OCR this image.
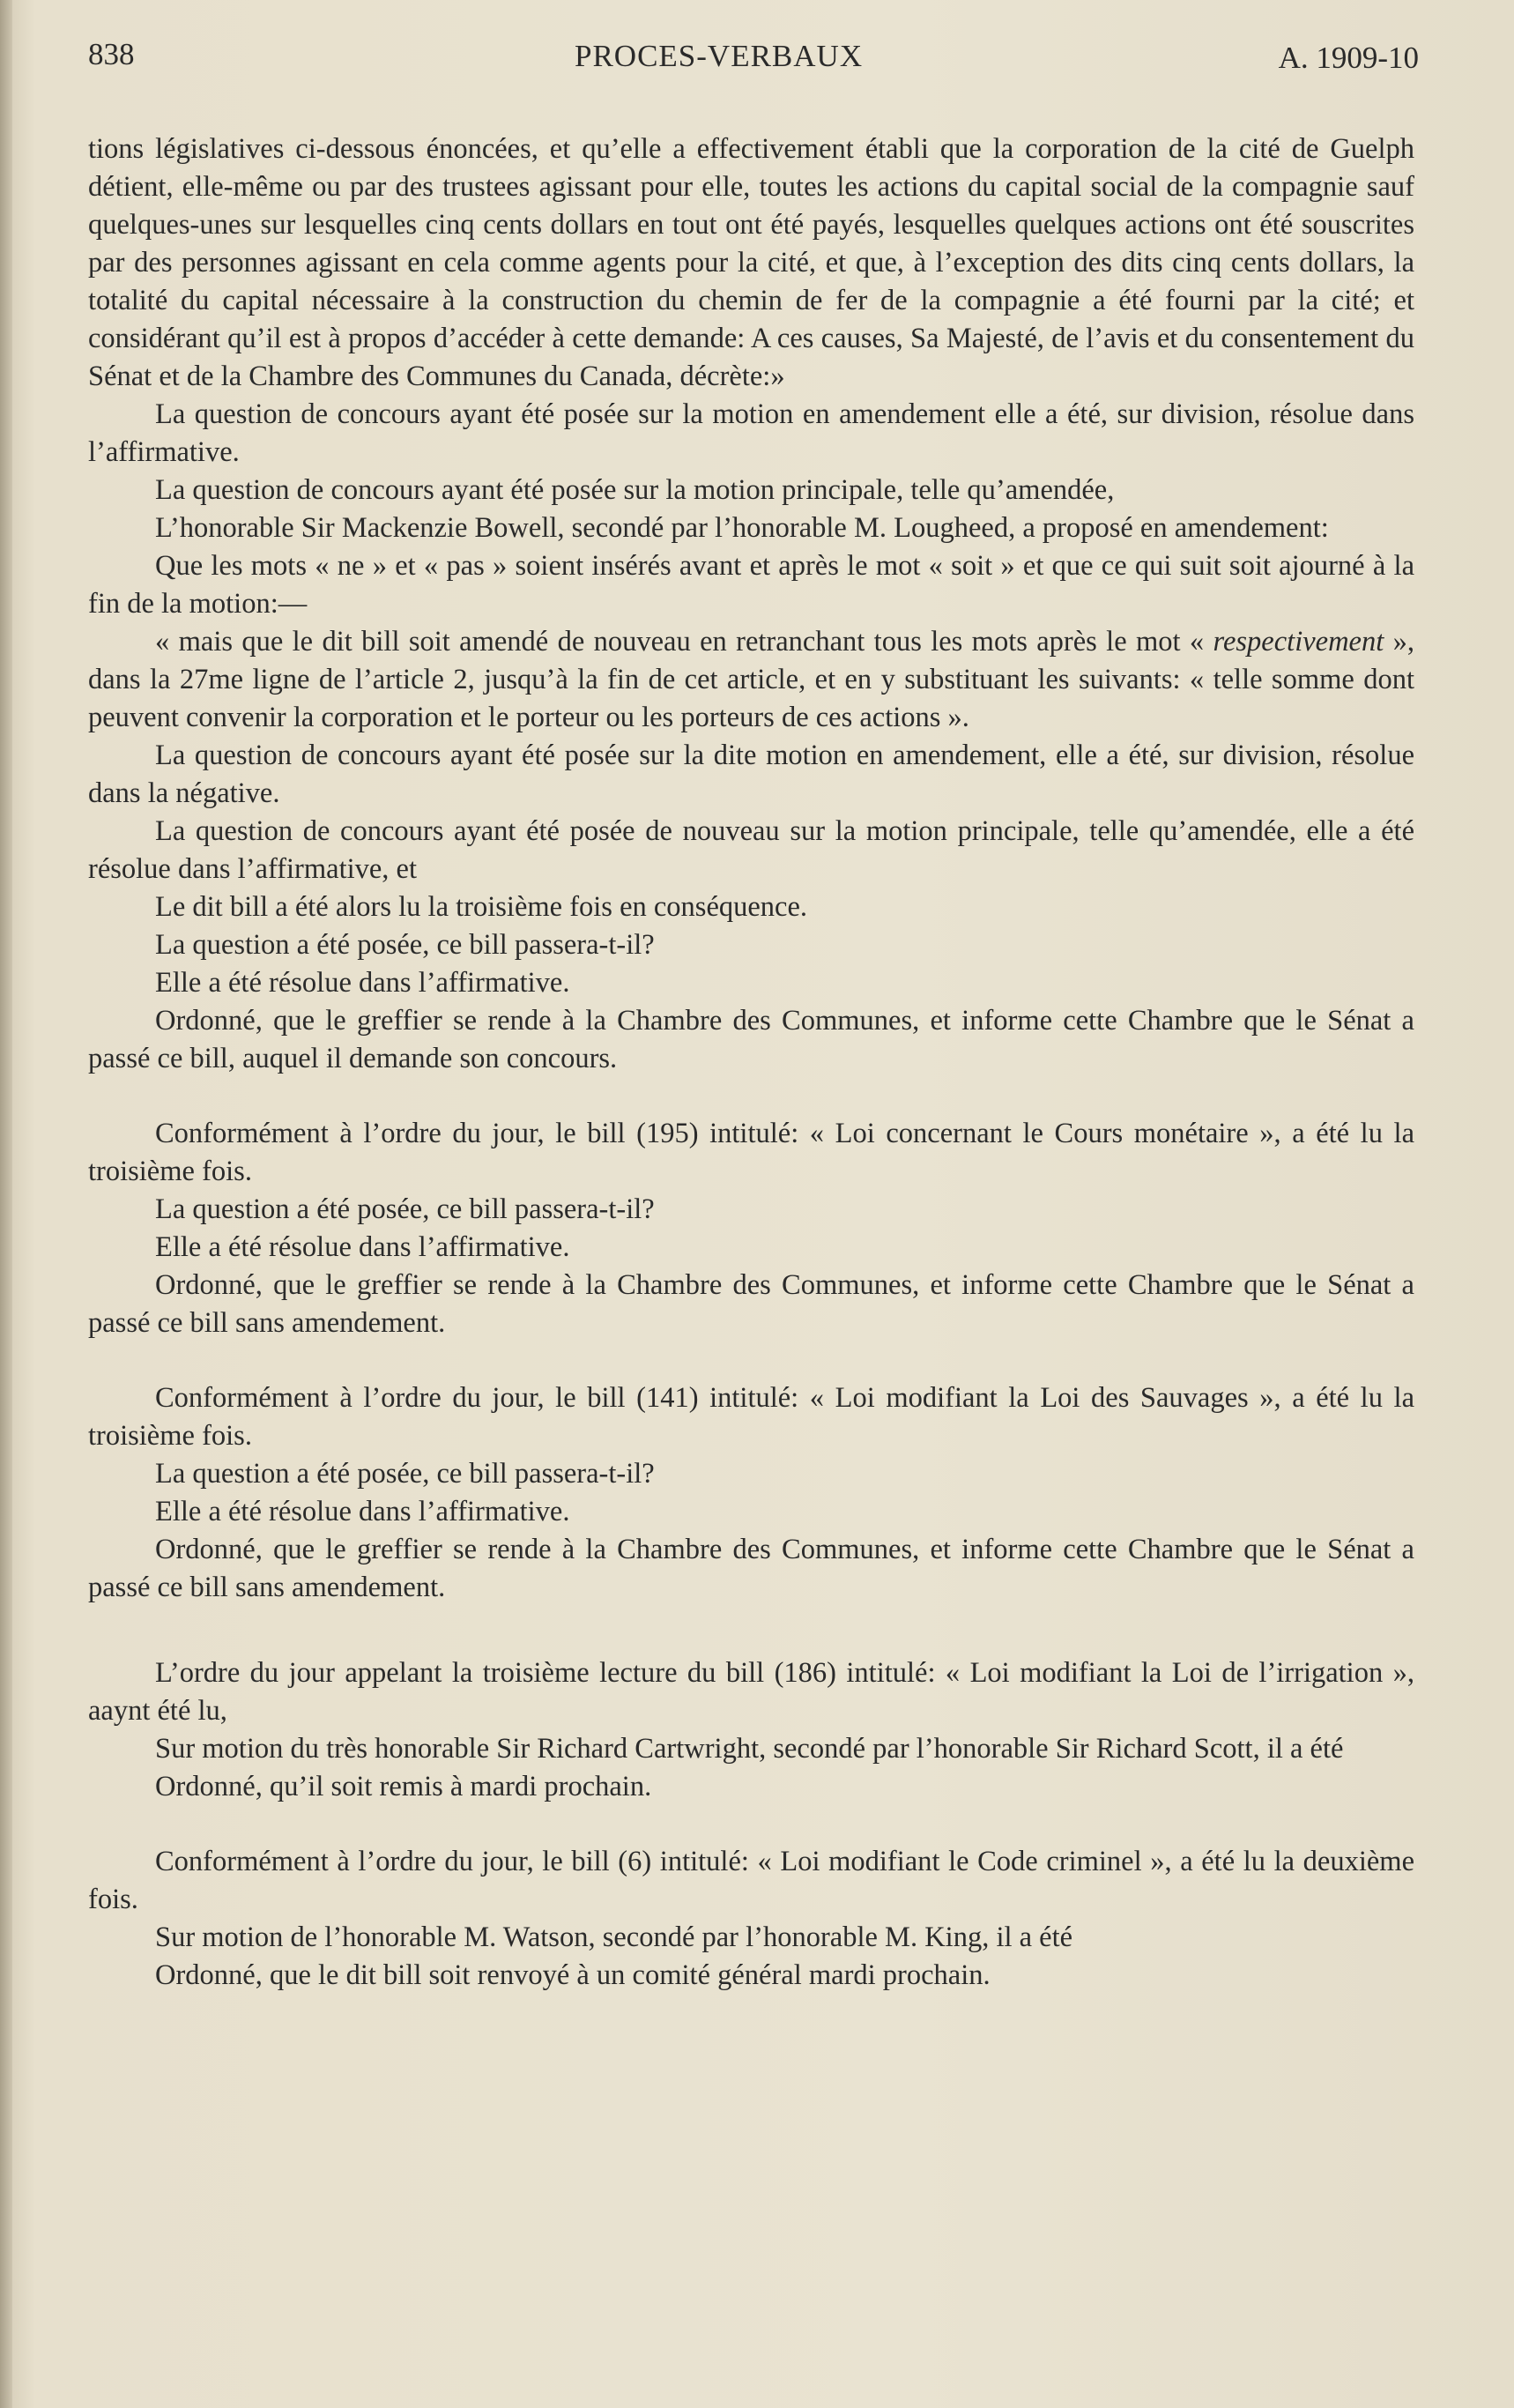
838	PROCES-VERBAUX	A. 1909-10

tions législatives ci-dessous énoncées, et qu’elle a effectivement établi que la corporation de la cité de Guelph détient, elle-même ou par des trustees agissant pour elle, toutes les actions du capital social de la compagnie sauf quelques-unes sur lesquelles cinq cents dollars en tout ont été payés, lesquelles quelques actions ont été souscrites par des personnes agissant en cela comme agents pour la cité, et que, à l’exception des dits cinq cents dollars, la totalité du capital nécessaire à la construction du chemin de fer de la compagnie a été fourni par la cité; et considérant qu’il est à propos d’accéder à cette demande: A ces causes, Sa Majesté, de l’avis et du consentement du Sénat et de la Chambre des Communes du Canada, décrète:»

La question de concours ayant été posée sur la motion en amendement elle a été, sur division, résolue dans l’affirmative.

La question de concours ayant été posée sur la motion principale, telle qu’amendée,

L’honorable Sir Mackenzie Bowell, secondé par l’honorable M. Lougheed, a proposé en amendement:

Que les mots « ne » et « pas » soient insérés avant et après le mot « soit » et que ce qui suit soit ajourné à la fin de la motion:—

« mais que le dit bill soit amendé de nouveau en retranchant tous les mots après le mot « respectivement », dans la 27me ligne de l’article 2, jusqu’à la fin de cet article, et en y substituant les suivants: « telle somme dont peuvent convenir la corporation et le porteur ou les porteurs de ces actions ».

La question de concours ayant été posée sur la dite motion en amendement, elle a été, sur division, résolue dans la négative.

La question de concours ayant été posée de nouveau sur la motion principale, telle qu’amendée, elle a été résolue dans l’affirmative, et

Le dit bill a été alors lu la troisième fois en conséquence.

La question a été posée, ce bill passera-t-il?

Elle a été résolue dans l’affirmative.

Ordonné, que le greffier se rende à la Chambre des Communes, et informe cette Chambre que le Sénat a passé ce bill, auquel il demande son concours.

Conformément à l’ordre du jour, le bill (195) intitulé: « Loi concernant le Cours monétaire », a été lu la troisième fois.

La question a été posée, ce bill passera-t-il?

Elle a été résolue dans l’affirmative.

Ordonné, que le greffier se rende à la Chambre des Communes, et informe cette Chambre que le Sénat a passé ce bill sans amendement.

Conformément à l’ordre du jour, le bill (141) intitulé: « Loi modifiant la Loi des Sauvages », a été lu la troisième fois.

La question a été posée, ce bill passera-t-il?

Elle a été résolue dans l’affirmative.

Ordonné, que le greffier se rende à la Chambre des Communes, et informe cette Chambre que le Sénat a passé ce bill sans amendement.

L’ordre du jour appelant la troisième lecture du bill (186) intitulé: « Loi modifiant la Loi de l’irrigation », aaynt été lu,

Sur motion du très honorable Sir Richard Cartwright, secondé par l’honorable Sir Richard Scott, il a été

Ordonné, qu’il soit remis à mardi prochain.

Conformément à l’ordre du jour, le bill (6) intitulé: « Loi modifiant le Code criminel », a été lu la deuxième fois.

Sur motion de l’honorable M. Watson, secondé par l’honorable M. King, il a été

Ordonné, que le dit bill soit renvoyé à un comité général mardi prochain.
